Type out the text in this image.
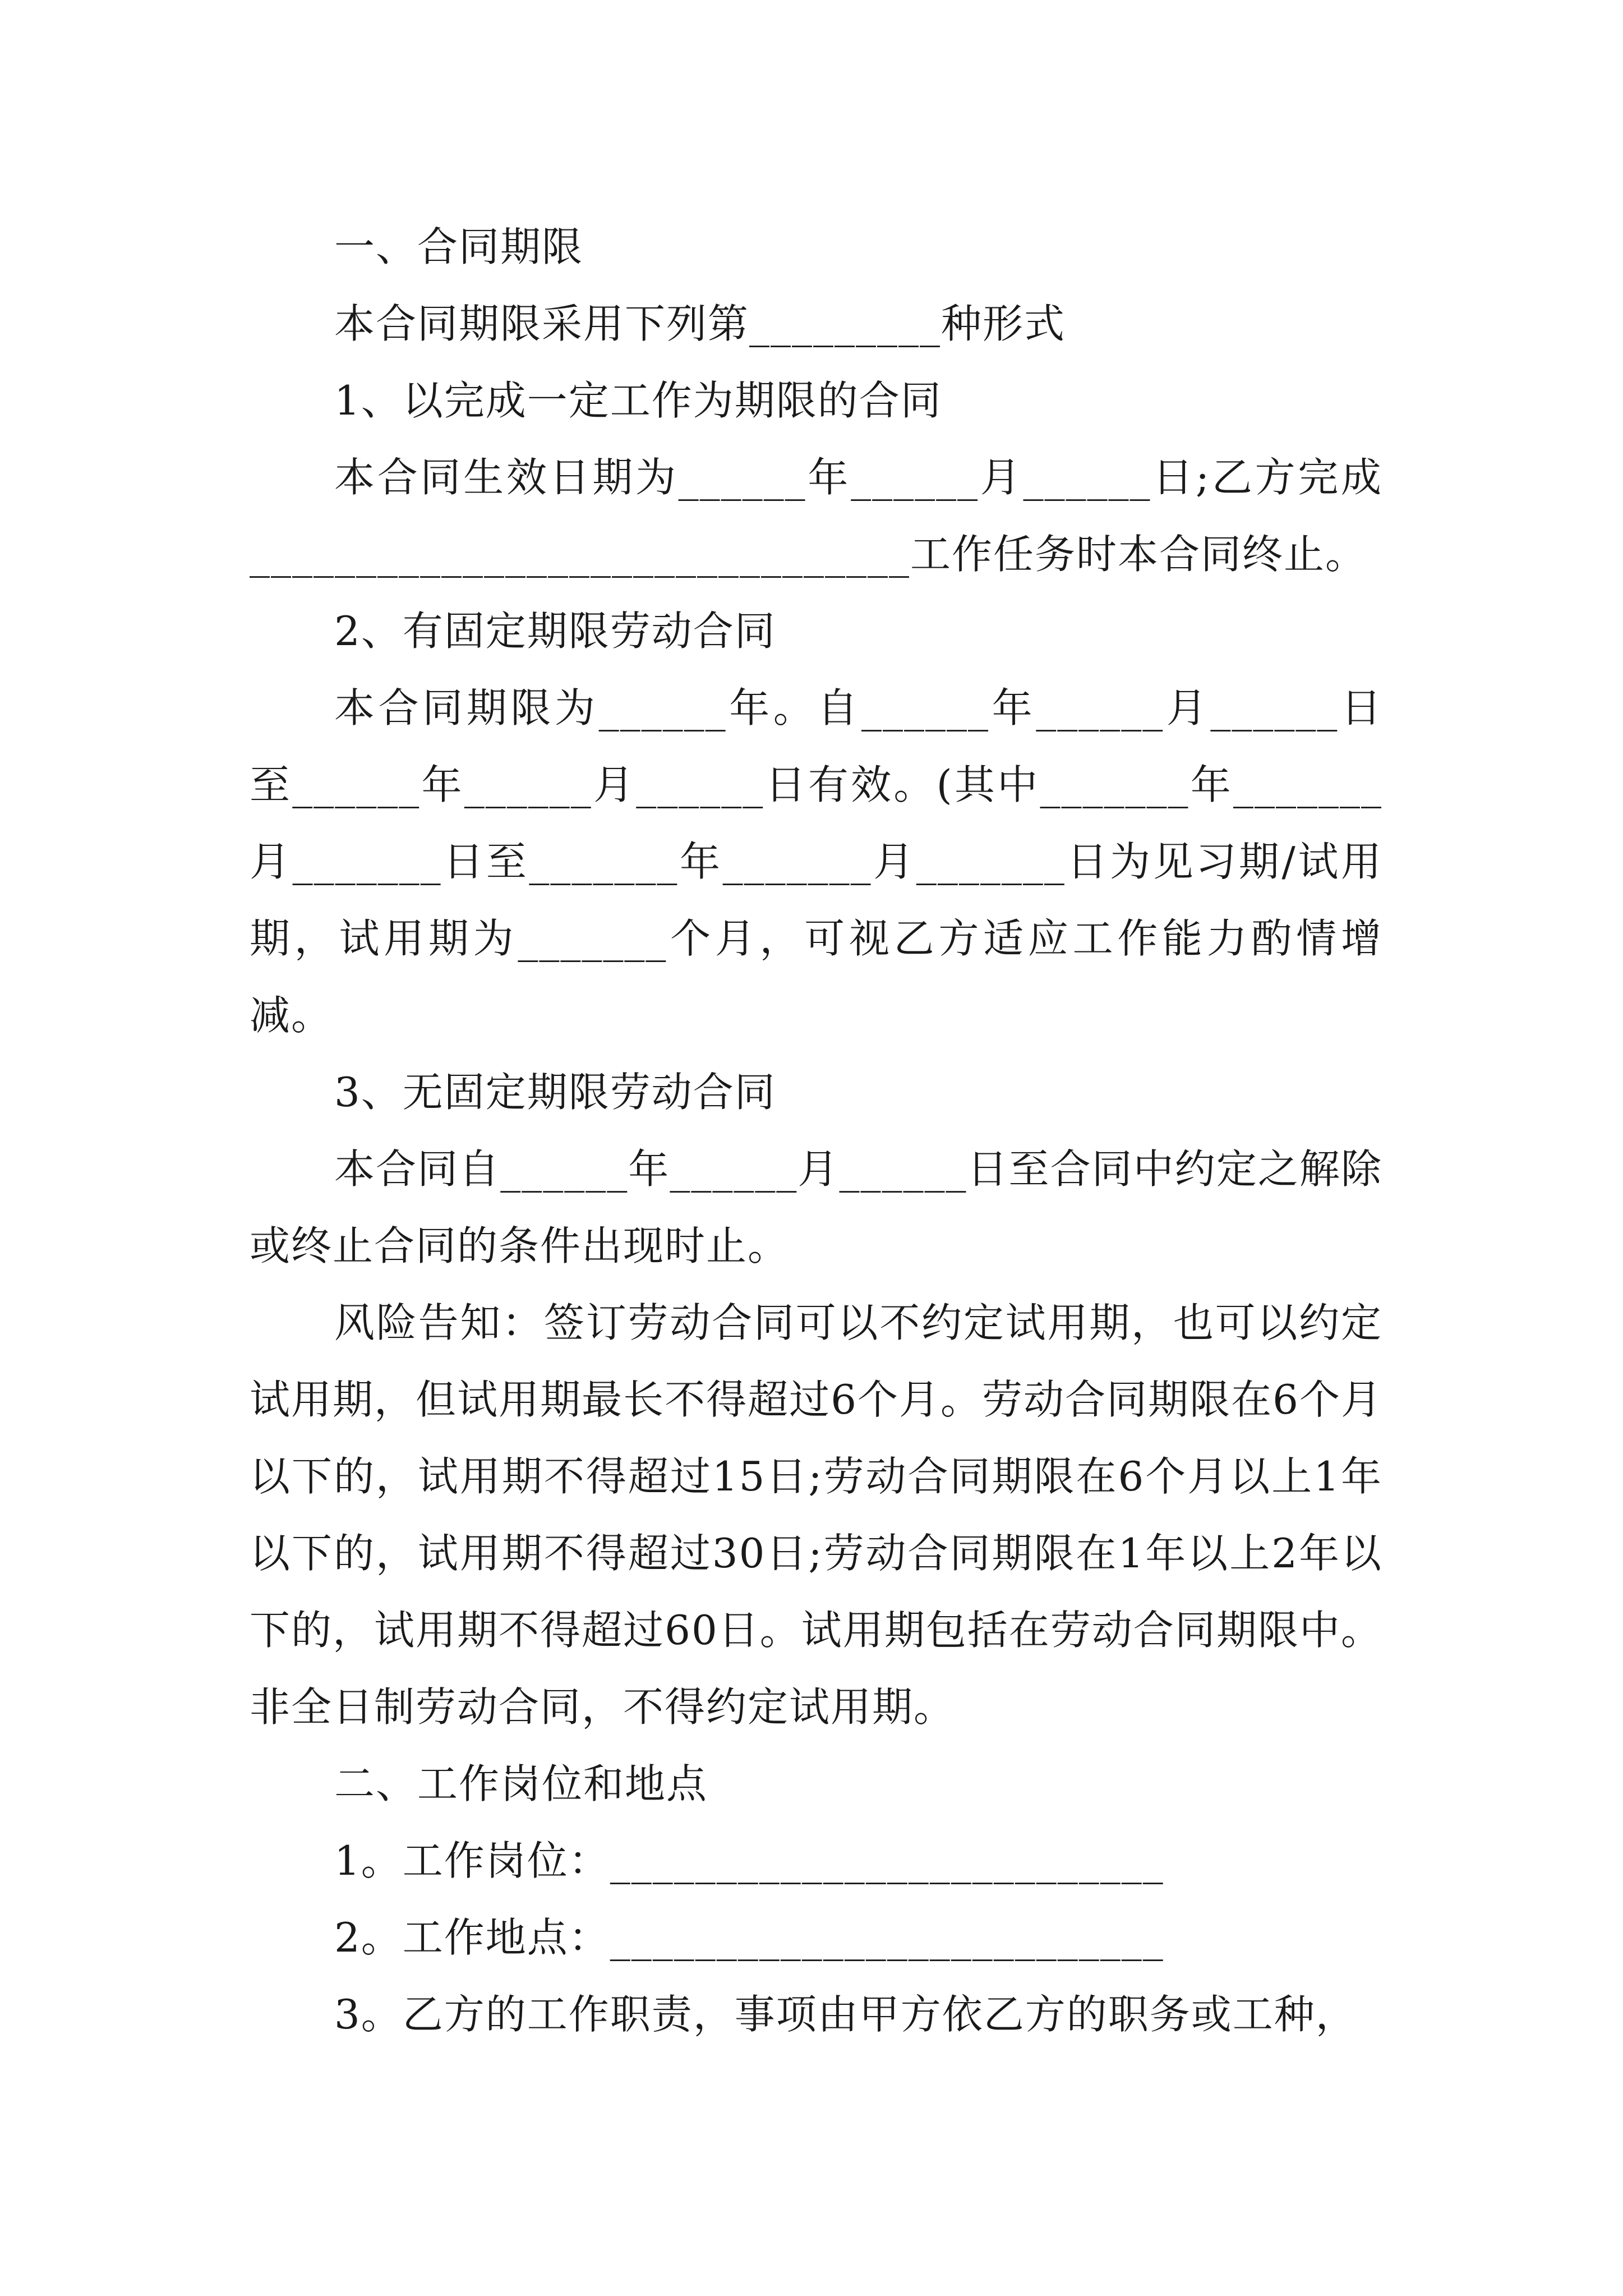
一、合同期限

本合同期限采用下列第_________种形式

1、以完成一定工作为期限的合同

本合同生效日期为______年______月______日;乙方完成_______________________________工作任务时本合同终止。

2、有固定期限劳动合同

本合同期限为______年。自______年______月______日至______年______月______日有效。(其中_______年_______月_______日至_______年_______月_______日为见习期/试用期，试用期为_______个月，可视乙方适应工作能力酌情增减。

3、无固定期限劳动合同

本合同自______年______月______日至合同中约定之解除或终止合同的条件出现时止。

风险告知：签订劳动合同可以不约定试用期，也可以约定试用期，但试用期最长不得超过6个月。劳动合同期限在6个月以下的，试用期不得超过15日;劳动合同期限在6个月以上1年以下的，试用期不得超过30日;劳动合同期限在1年以上2年以下的，试用期不得超过60日。试用期包括在劳动合同期限中。非全日制劳动合同，不得约定试用期。

二、工作岗位和地点

1。工作岗位：__________________________

2。工作地点：__________________________

3。乙方的工作职责，事项由甲方依乙方的职务或工种，
